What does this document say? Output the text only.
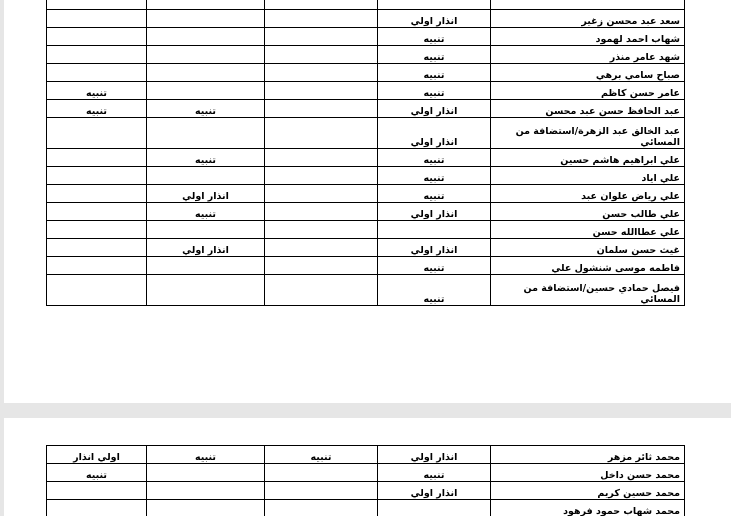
سعد عبد محسن زغير	انذار اولي			
شهاب احمد لهمود	تنبيه			
شهد عامر منذر	تنبيه			
صباح سامي برهي	تنبيه			
عامر حسن كاظم	تنبيه			تنبيه
عبد الحافظ حسن عبد محسن	انذار اولي		تنبيه	تنبيه
عبد الخالق عبد الزهرة/استضافة من المسائي	انذار اولي			
علي ابراهيم هاشم حسين	تنبيه		تنبيه	
علي اياد	تنبيه			
علي رياض علوان عبد	تنبيه		انذار اولي	
علي طالب حسن	انذار اولي		تنبيه	
علي عطاالله حسن				
غيث حسن سلمان	انذار اولي		انذار اولي	
فاطمه موسى شنشول علي	تنبيه			
فيصل حمادي حسين/استضافة من المسائي	تنبيه			
محمد ثائر مزهر	انذار اولي	تنبيه	تنبيه	اولي انذار
محمد حسن داخل	تنبيه			تنبيه
محمد حسين كريم	انذار اولي			
محمد شهاب حمود فرهود				
